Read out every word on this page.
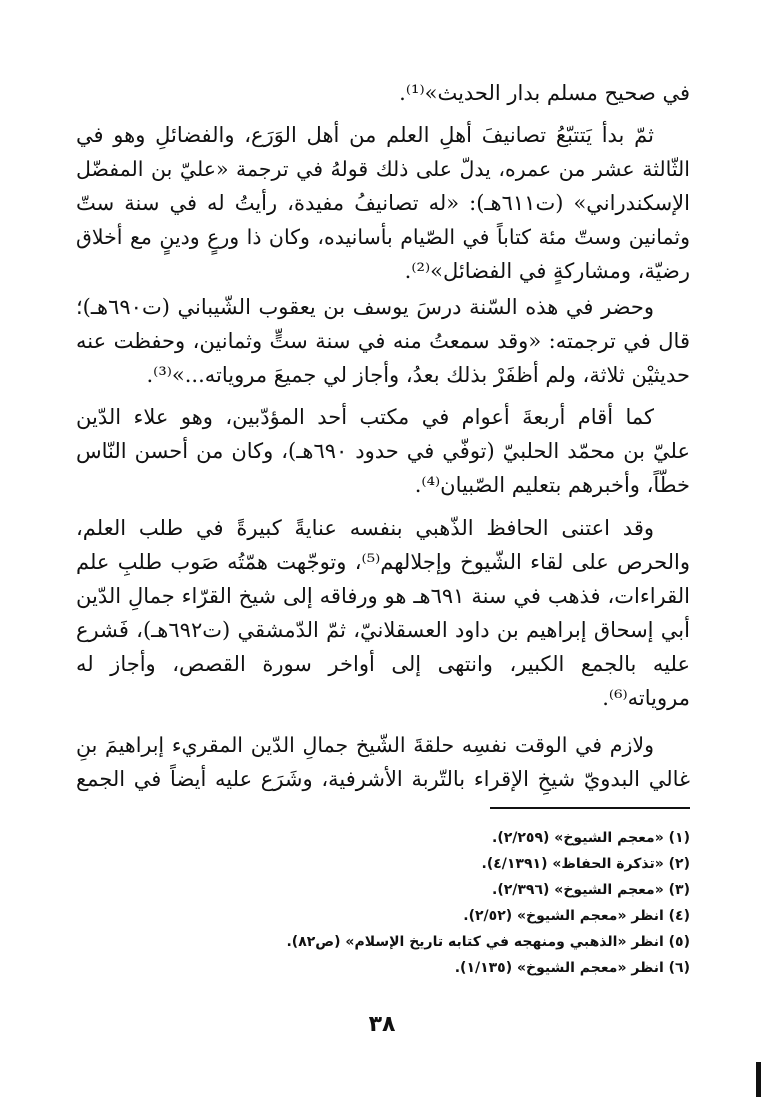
في صحيح مسلم بدار الحديث»⁽¹⁾.
ثمّ بدأ يَتتبّعُ تصانيفَ أهلِ العلم من أهل الوَرَع، والفضائلِ وهو في
الثّالثة عشر من عمره، يدلّ على ذلك قولهُ في ترجمة «عليّ بن المفضّل
الإسكندراني» (ت٦١١هـ): «له تصانيفُ مفيدة، رأيتُ له في سنة ستّ
وثمانين وستّ مئة كتاباً في الصّيام بأسانيده، وكان ذا ورعٍ ودينٍ مع أخلاق
رضيّة، ومشاركةٍ في الفضائل»⁽²⁾.
وحضر في هذه السّنة درسَ يوسف بن يعقوب الشّيباني (ت٦٩٠هـ)؛
قال في ترجمته: «وقد سمعتُ منه في سنة ستٍّ وثمانين، وحفظت عنه
حديثيْن ثلاثة، ولم أظفَرْ بذلك بعدُ، وأجاز لي جميعَ مروياته...»⁽³⁾.
كما أقام أربعةَ أعوام في مكتب أحد المؤدّبين، وهو علاء الدّين
عليّ بن محمّد الحلبيّ (توفّي في حدود ٦٩٠هـ)، وكان من أحسن النّاس
خطّاً، وأخبرهم بتعليم الصّبيان⁽⁴⁾.
وقد اعتنى الحافظ الذّهبي بنفسه عنايةً كبيرةً في طلب العلم،
والحرص على لقاء الشّيوخ وإجلالهم⁽⁵⁾، وتوجّهت همّتُه صَوب طلبِ علم
القراءات، فذهب في سنة ٦٩١هـ هو ورفاقه إلى شيخ القرّاء جمالِ الدّين
أبي إسحاق إبراهيم بن داود العسقلانيّ، ثمّ الدّمشقي (ت٦٩٢هـ)، فَشرع
عليه بالجمع الكبير، وانتهى إلى أواخر سورة القصص، وأجاز له
مروياته⁽⁶⁾.
ولازم في الوقت نفسِه حلقةَ الشّيخ جمالِ الدّين المقريء إبراهيمَ بنِ
غالي البدويّ شيخِ الإقراء بالتّربة الأشرفية، وشَرَع عليه أيضاً في الجمع
(١) «معجم الشيوخ» (٢/٢٥٩).
(٢) «تذكرة الحفاظ» (٤/١٣٩١).
(٣) «معجم الشيوخ» (٢/٣٩٦).
(٤) انظر «معجم الشيوخ» (٢/٥٢).
(٥) انظر «الذهبي ومنهجه في كتابه تاريخ الإسلام» (ص٨٢).
(٦) انظر «معجم الشيوخ» (١/١٣٥).
٣٨
